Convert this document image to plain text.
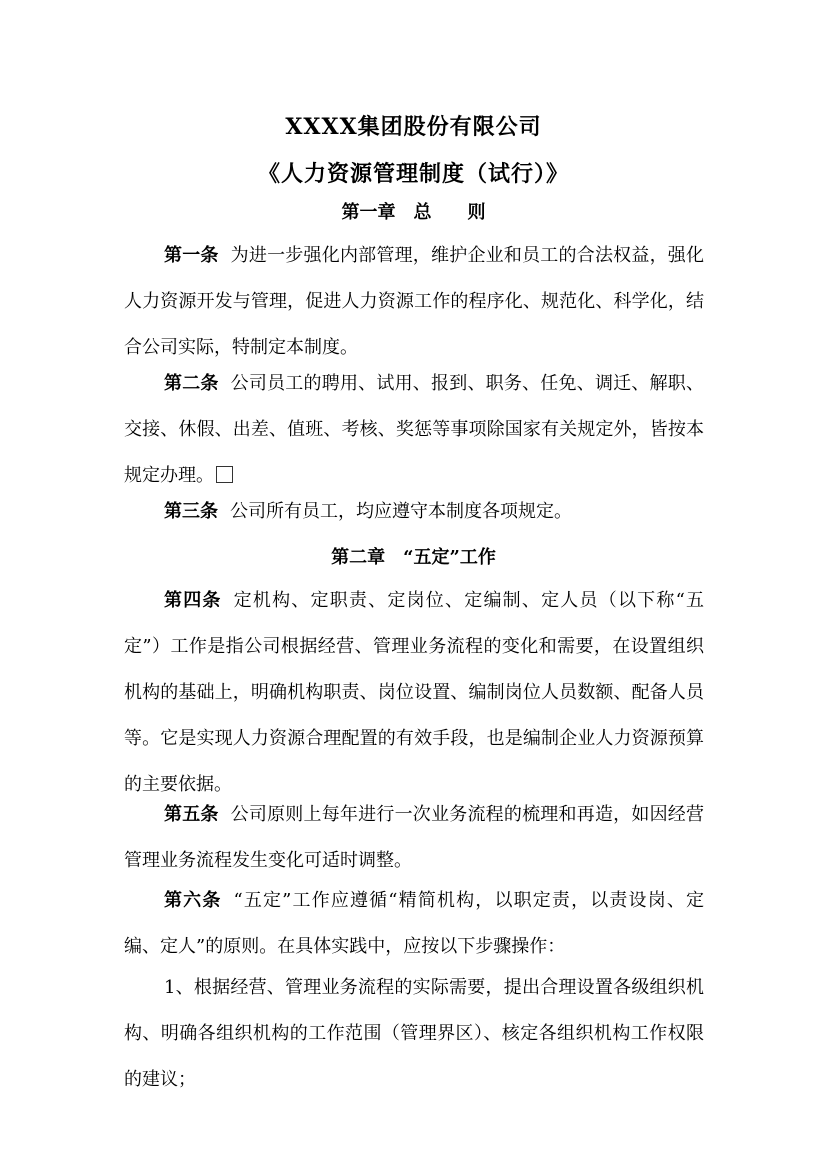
XXXX集团股份有限公司
《人力资源管理制度（试行）》
第一章　总　　则
第一条 为进一步强化内部管理，维护企业和员工的合法权益，强化人力资源开发与管理，促进人力资源工作的程序化、规范化、科学化，结合公司实际，特制定本制度。
第二条 公司员工的聘用、试用、报到、职务、任免、调迁、解职、交接、休假、出差、值班、考核、奖惩等事项除国家有关规定外，皆按本规定办理。
第三条 公司所有员工，均应遵守本制度各项规定。
第二章　“五定”工作
第四条 定机构、定职责、定岗位、定编制、定人员（以下称“五定”）工作是指公司根据经营、管理业务流程的变化和需要，在设置组织机构的基础上，明确机构职责、岗位设置、编制岗位人员数额、配备人员等。它是实现人力资源合理配置的有效手段，也是编制企业人力资源预算的主要依据。
第五条 公司原则上每年进行一次业务流程的梳理和再造，如因经营管理业务流程发生变化可适时调整。
第六条 “五定”工作应遵循“精简机构，以职定责，以责设岗、定编、定人”的原则。在具体实践中，应按以下步骤操作：
1、根据经营、管理业务流程的实际需要，提出合理设置各级组织机构、明确各组织机构的工作范围（管理界区）、核定各组织机构工作权限的建议；
